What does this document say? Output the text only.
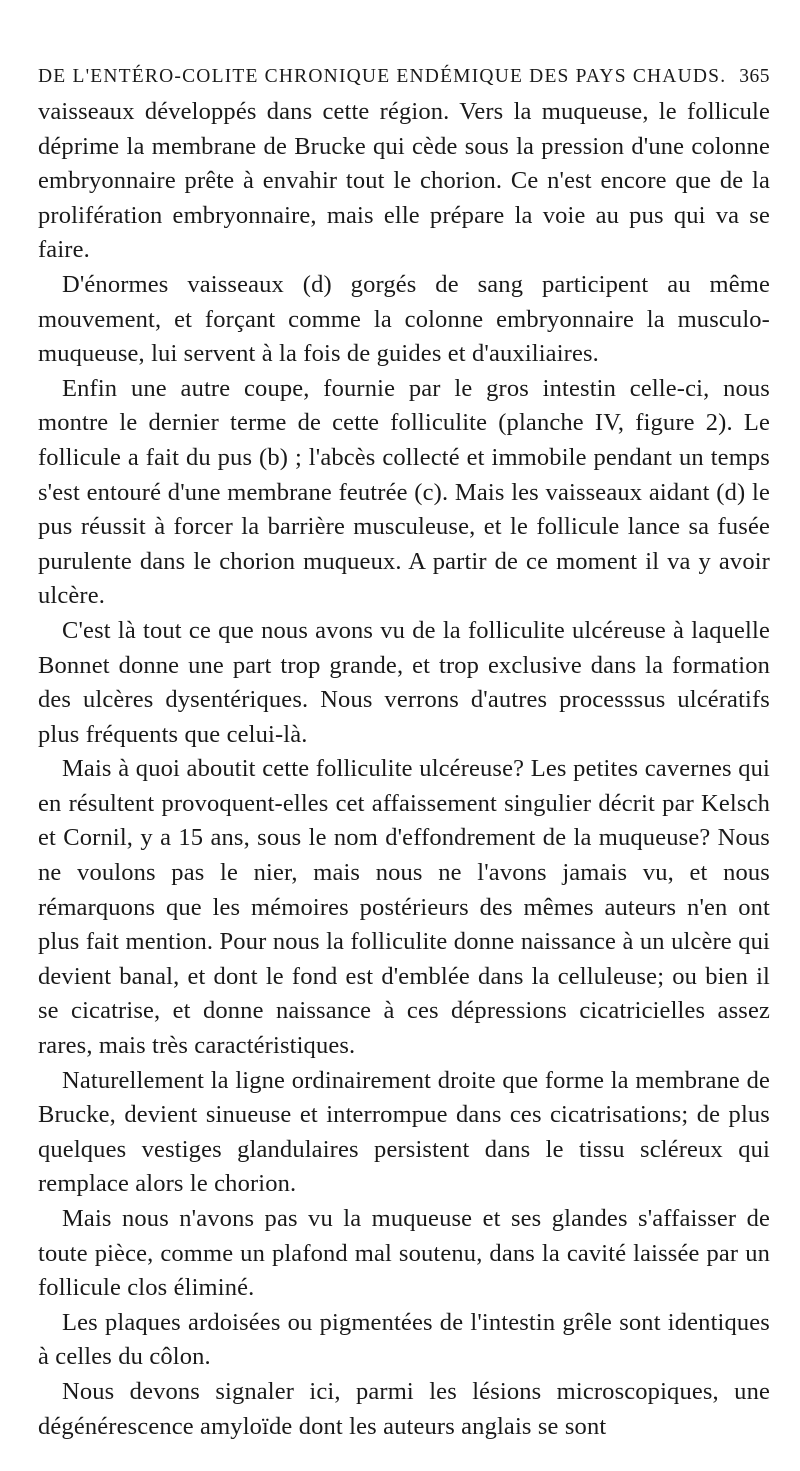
DE L'ENTÉRO-COLITE CHRONIQUE ENDÉMIQUE DES PAYS CHAUDS. 365

vaisseaux développés dans cette région. Vers la muqueuse, le follicule déprime la membrane de Brucke qui cède sous la pression d'une colonne embryonnaire prête à envahir tout le chorion. Ce n'est encore que de la prolifération embryonnaire, mais elle prépare la voie au pus qui va se faire.

D'énormes vaisseaux (d) gorgés de sang participent au même mouvement, et forçant comme la colonne embryonnaire la musculo-muqueuse, lui servent à la fois de guides et d'auxiliaires.

Enfin une autre coupe, fournie par le gros intestin celle-ci, nous montre le dernier terme de cette folliculite (planche IV, figure 2). Le follicule a fait du pus (b) ; l'abcès collecté et immobile pendant un temps s'est entouré d'une membrane feutrée (c). Mais les vaisseaux aidant (d) le pus réussit à forcer la barrière musculeuse, et le follicule lance sa fusée purulente dans le chorion muqueux. A partir de ce moment il va y avoir ulcère.

C'est là tout ce que nous avons vu de la folliculite ulcéreuse à laquelle Bonnet donne une part trop grande, et trop exclusive dans la formation des ulcères dysentériques. Nous verrons d'autres processsus ulcératifs plus fréquents que celui-là.

Mais à quoi aboutit cette folliculite ulcéreuse? Les petites cavernes qui en résultent provoquent-elles cet affaissement singulier décrit par Kelsch et Cornil, y a 15 ans, sous le nom d'effondrement de la muqueuse? Nous ne voulons pas le nier, mais nous ne l'avons jamais vu, et nous rémarquons que les mémoires postérieurs des mêmes auteurs n'en ont plus fait mention. Pour nous la folliculite donne naissance à un ulcère qui devient banal, et dont le fond est d'emblée dans la celluleuse; ou bien il se cicatrise, et donne naissance à ces dépressions cicatricielles assez rares, mais très caractéristiques.

Naturellement la ligne ordinairement droite que forme la membrane de Brucke, devient sinueuse et interrompue dans ces cicatrisations; de plus quelques vestiges glandulaires persistent dans le tissu scléreux qui remplace alors le chorion.

Mais nous n'avons pas vu la muqueuse et ses glandes s'affaisser de toute pièce, comme un plafond mal soutenu, dans la cavité laissée par un follicule clos éliminé.

Les plaques ardoisées ou pigmentées de l'intestin grêle sont identiques à celles du côlon.

Nous devons signaler ici, parmi les lésions microscopiques, une dégénérescence amyloïde dont les auteurs anglais se sont
